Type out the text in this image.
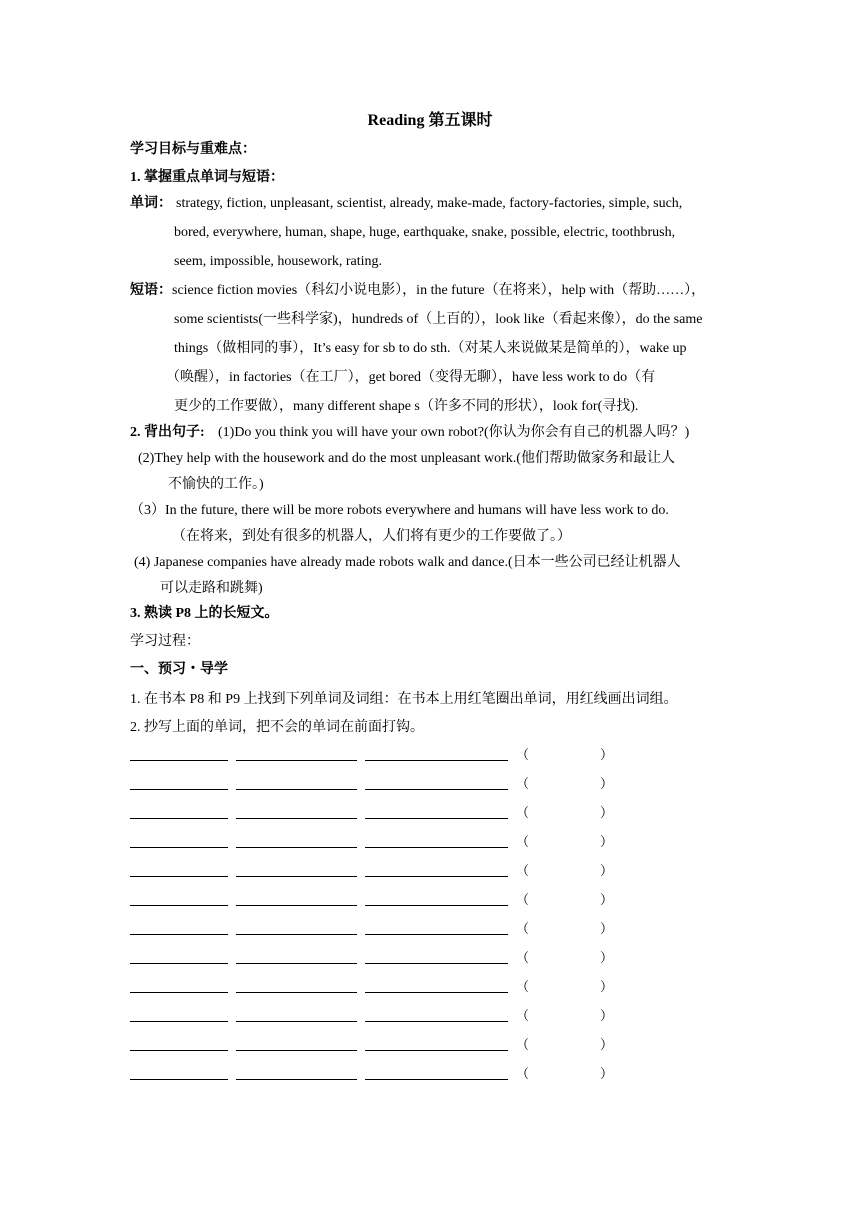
Reading 第五课时
学习目标与重难点：
1. 掌握重点单词与短语：
单词： strategy, fiction, unpleasant, scientist, already, make-made, factory-factories, simple, such,
bored, everywhere, human, shape, huge, earthquake, snake, possible, electric, toothbrush,
seem, impossible, housework, rating.
短语： science fiction movies（科幻小说电影），in the future（在将来），help with（帮助……），
some scientists(一些科学家)，hundreds of（上百的），look like（看起来像），do the same
things（做相同的事），It’s easy for sb to do sth.（对某人来说做某是简单的），wake up
（唤醒），in factories（在工厂），get bored（变得无聊），have less work to do（有
更少的工作要做），many different shape s（许多不同的形状），look for(寻找).
2. 背出句子: (1)Do you think you will have your own robot?(你认为你会有自己的机器人吗？)
(2)They help with the housework and do the most unpleasant work.(他们帮助做家务和最让人
不愉快的工作。)
（3）In the future, there will be more robots everywhere and humans will have less work to do.
（在将来，到处有很多的机器人，人们将有更少的工作要做了。）
(4) Japanese companies have already made robots walk and dance.(日本一些公司已经让机器人
可以走路和跳舞)
3. 熟读 P8 上的长短文。
学习过程：
一、预习・导学
1. 在书本 P8 和 P9 上找到下列单词及词组：在书本上用红笔圈出单词，用红线画出词组。
2. 抄写上面的单词，把不会的单词在前面打钩。
（	）
（	）
（	）
（	）
（	）
（	）
（	）
（	）
（	）
（	）
（	）
（	）
